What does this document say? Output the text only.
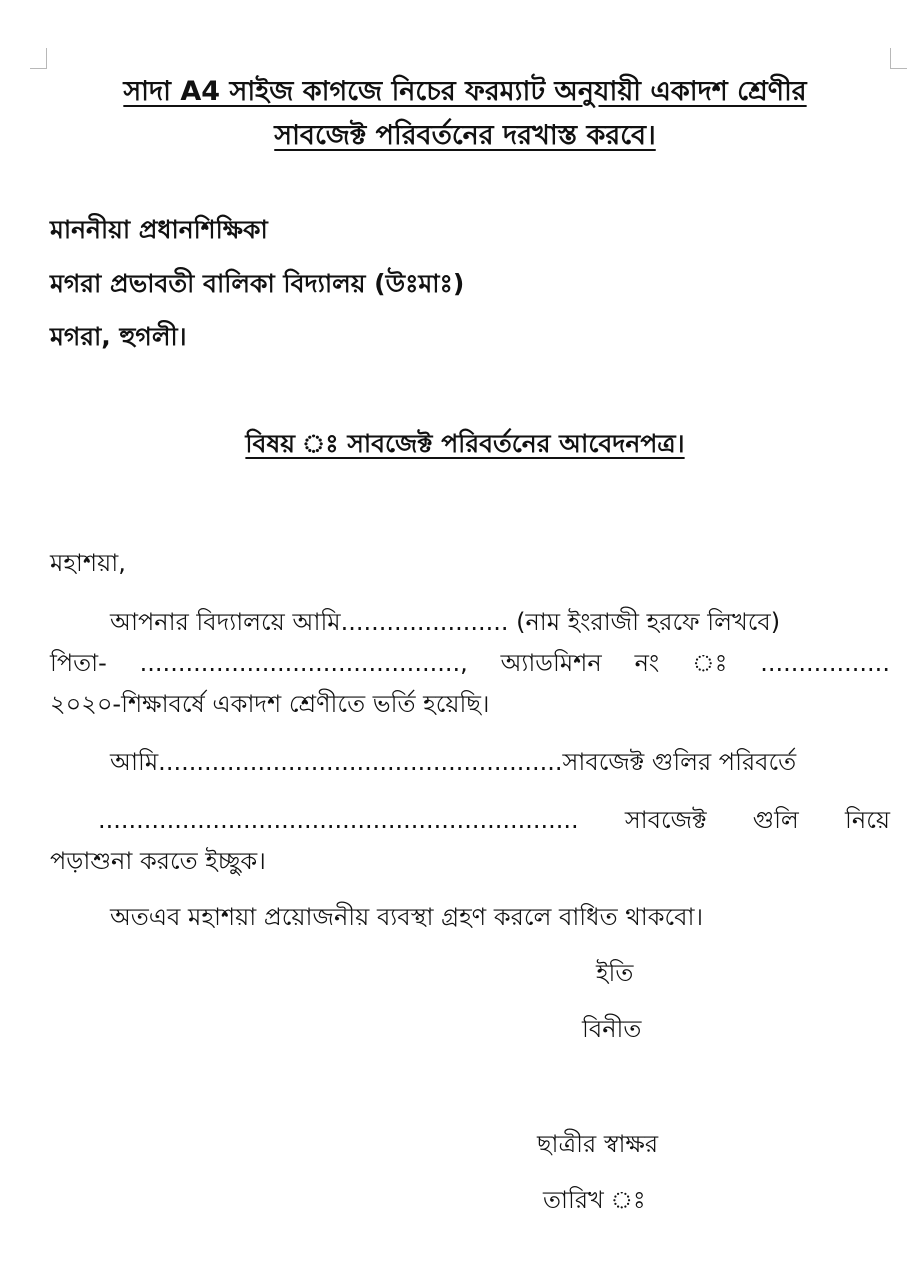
সাদা A4 সাইজ কাগজে নিচের ফরম্যাট অনুযায়ী একাদশ শ্রেণীর
সাবজেক্ট পরিবর্তনের দরখাস্ত করবে।
মাননীয়া প্রধানশিক্ষিকা
মগরা প্রভাবতী বালিকা বিদ্যালয় (উঃমাঃ)
মগরা, হুগলী।
বিষয় ঃ সাবজেক্ট পরিবর্তনের আবেদনপত্র।
মহাশয়া,
আপনার বিদ্যালয়ে আমি...................... (নাম ইংরাজী হরফে লিখবে)
পিতা- .........................................., অ্যাডমিশন নং ঃ .................
২০২০-শিক্ষাবর্ষে একাদশ শ্রেণীতে ভর্তি হয়েছি।
আমি.....................................................সাবজেক্ট গুলির পরিবর্তে
............................................................... সাবজেক্ট গুলি নিয়ে
পড়াশুনা করতে ইচ্ছুক।
অতএব মহাশয়া প্রয়োজনীয় ব্যবস্থা গ্রহণ করলে বাধিত থাকবো।
ইতি
বিনীত
ছাত্রীর স্বাক্ষর
তারিখ ঃ
